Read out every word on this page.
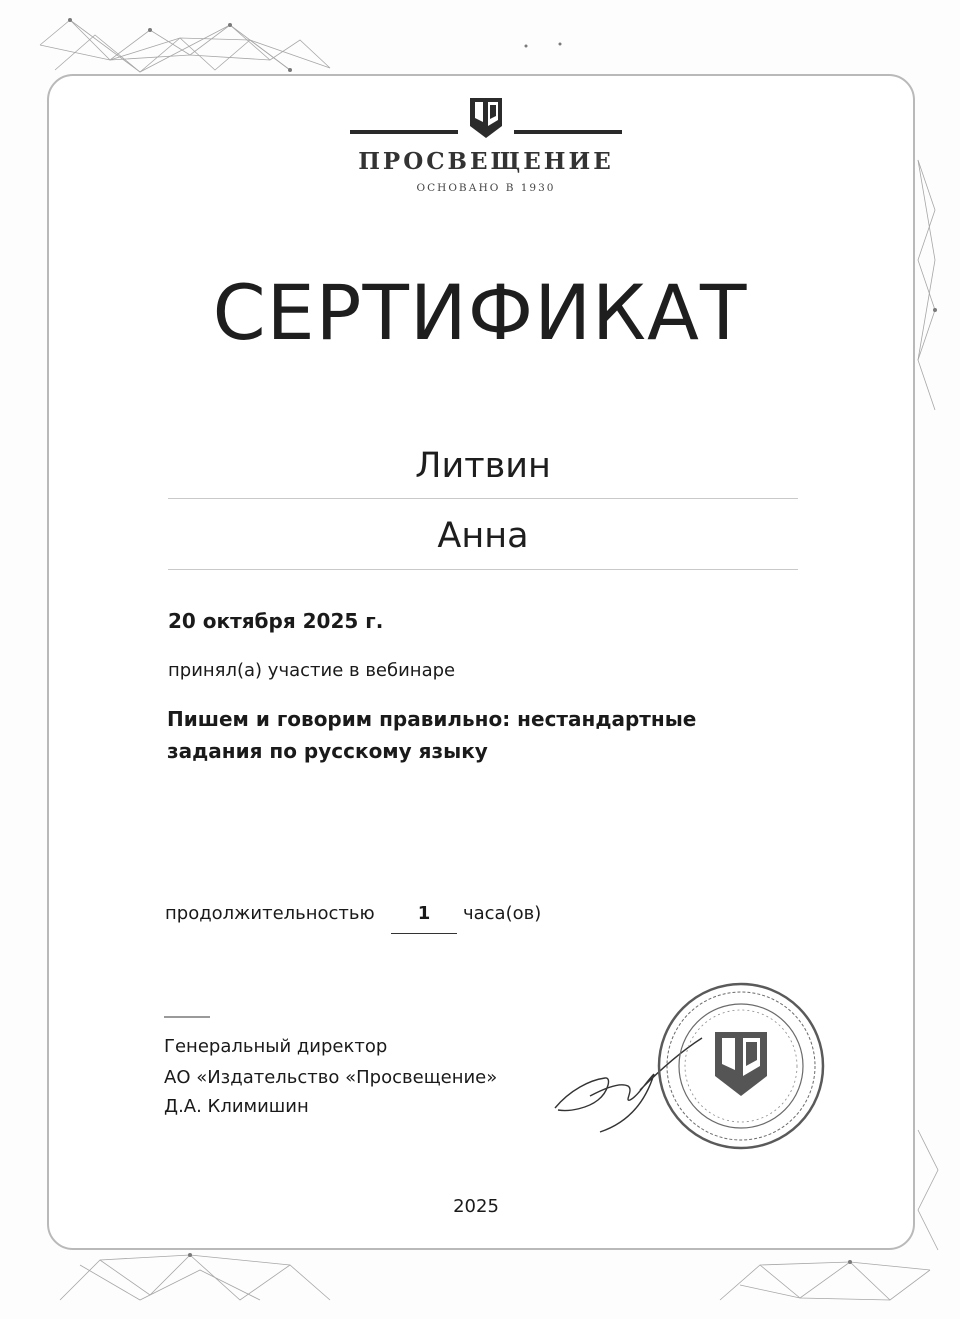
ПРОСВЕЩЕНИЕ
ОСНОВАНО В 1930
СЕРТИФИКАТ
Литвин
Анна
20 октября 2025 г.
принял(а) участие в вебинаре
Пишем и говорим правильно: нестандартные
задания по русскому языку
продолжительностью	1	часа(ов)
Генеральный директор
АО «Издательство «Просвещение»
Д.А. Климишин
2025
